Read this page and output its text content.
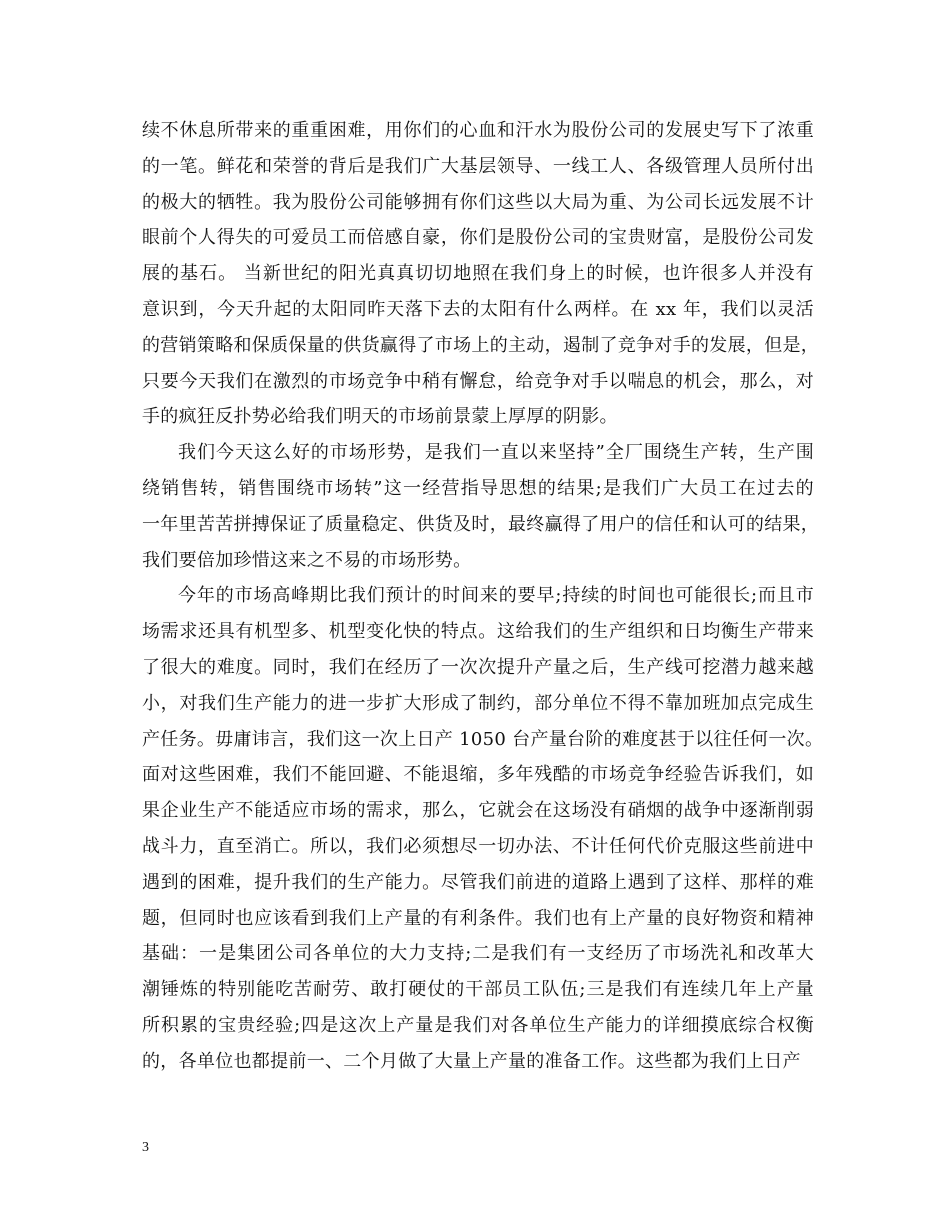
续不休息所带来的重重困难，用你们的心血和汗水为股份公司的发展史写下了浓重
的一笔。鲜花和荣誉的背后是我们广大基层领导、一线工人、各级管理人员所付出
的极大的牺牲。我为股份公司能够拥有你们这些以大局为重、为公司长远发展不计
眼前个人得失的可爱员工而倍感自豪，你们是股份公司的宝贵财富，是股份公司发
展的基石。 当新世纪的阳光真真切切地照在我们身上的时候，也许很多人并没有
意识到，今天升起的太阳同昨天落下去的太阳有什么两样。在 xx 年，我们以灵活
的营销策略和保质保量的供货赢得了市场上的主动，遏制了竞争对手的发展，但是，
只要今天我们在激烈的市场竞争中稍有懈怠，给竞争对手以喘息的机会，那么，对
手的疯狂反扑势必给我们明天的市场前景蒙上厚厚的阴影。
我们今天这么好的市场形势，是我们一直以来坚持”全厂围绕生产转，生产围
绕销售转，销售围绕市场转”这一经营指导思想的结果;是我们广大员工在过去的
一年里苦苦拼搏保证了质量稳定、供货及时，最终赢得了用户的信任和认可的结果，
我们要倍加珍惜这来之不易的市场形势。
今年的市场高峰期比我们预计的时间来的要早;持续的时间也可能很长;而且市
场需求还具有机型多、机型变化快的特点。这给我们的生产组织和日均衡生产带来
了很大的难度。同时，我们在经历了一次次提升产量之后，生产线可挖潜力越来越
小，对我们生产能力的进一步扩大形成了制约，部分单位不得不靠加班加点完成生
产任务。毋庸讳言，我们这一次上日产 1050 台产量台阶的难度甚于以往任何一次。
面对这些困难，我们不能回避、不能退缩，多年残酷的市场竞争经验告诉我们，如
果企业生产不能适应市场的需求，那么，它就会在这场没有硝烟的战争中逐渐削弱
战斗力，直至消亡。所以，我们必须想尽一切办法、不计任何代价克服这些前进中
遇到的困难，提升我们的生产能力。尽管我们前进的道路上遇到了这样、那样的难
题，但同时也应该看到我们上产量的有利条件。我们也有上产量的良好物资和精神
基础：一是集团公司各单位的大力支持;二是我们有一支经历了市场洗礼和改革大
潮锤炼的特别能吃苦耐劳、敢打硬仗的干部员工队伍;三是我们有连续几年上产量
所积累的宝贵经验;四是这次上产量是我们对各单位生产能力的详细摸底综合权衡
的，各单位也都提前一、二个月做了大量上产量的准备工作。这些都为我们上日产
3
